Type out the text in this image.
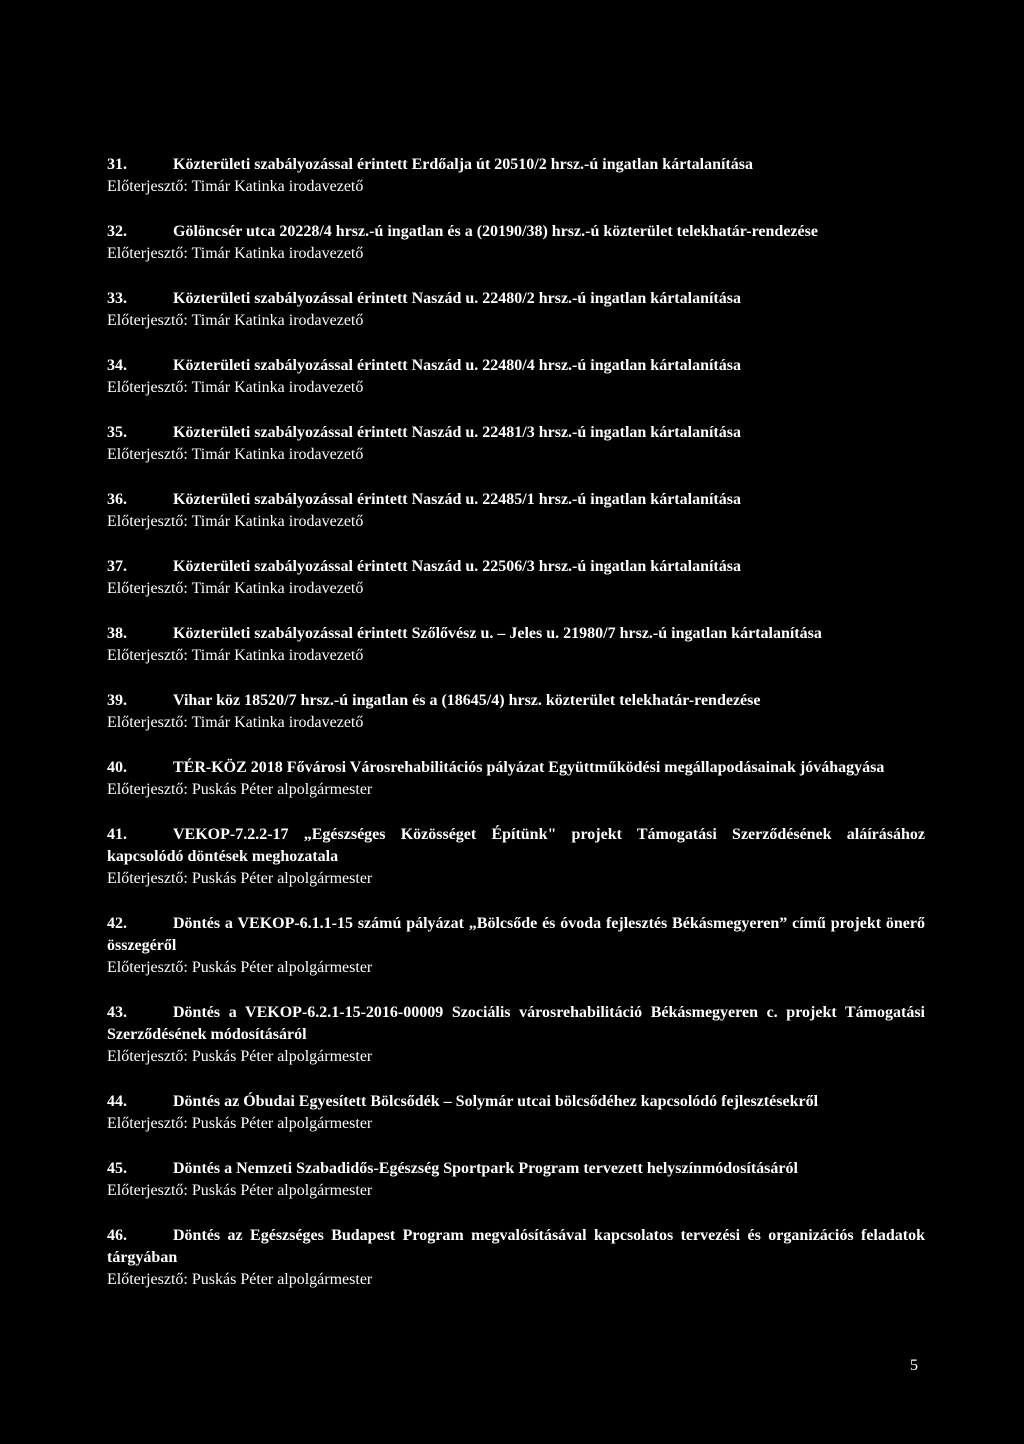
31.	Közterületi szabályozással érintett Erdőalja út 20510/2 hrsz.-ú ingatlan kártalanítása
Előterjesztő: Timár Katinka irodavezető
32.	Gölöncsér utca 20228/4 hrsz.-ú ingatlan és a (20190/38) hrsz.-ú közterület telekhatár-rendezése
Előterjesztő: Timár Katinka irodavezető
33.	Közterületi szabályozással érintett Naszád u. 22480/2 hrsz.-ú ingatlan kártalanítása
Előterjesztő: Timár Katinka irodavezető
34.	Közterületi szabályozással érintett Naszád u. 22480/4 hrsz.-ú ingatlan kártalanítása
Előterjesztő: Timár Katinka irodavezető
35.	Közterületi szabályozással érintett Naszád u. 22481/3 hrsz.-ú ingatlan kártalanítása
Előterjesztő: Timár Katinka irodavezető
36.	Közterületi szabályozással érintett Naszád u. 22485/1 hrsz.-ú ingatlan kártalanítása
Előterjesztő: Timár Katinka irodavezető
37.	Közterületi szabályozással érintett Naszád u. 22506/3 hrsz.-ú ingatlan kártalanítása
Előterjesztő: Timár Katinka irodavezető
38.	Közterületi szabályozással érintett Szőlővész u. – Jeles u. 21980/7 hrsz.-ú ingatlan kártalanítása
Előterjesztő: Timár Katinka irodavezető
39.	Vihar köz 18520/7 hrsz.-ú ingatlan és a (18645/4) hrsz. közterület telekhatár-rendezése
Előterjesztő: Timár Katinka irodavezető
40.	TÉR-KÖZ 2018 Fővárosi Városrehabilitációs pályázat Együttműködési megállapodásainak jóváhagyása
Előterjesztő: Puskás Péter alpolgármester
41.	VEKOP-7.2.2-17 „Egészséges Közösséget Építünk" projekt Támogatási Szerződésének aláírásához kapcsolódó döntések meghozatala
Előterjesztő: Puskás Péter alpolgármester
42.	Döntés a VEKOP-6.1.1-15 számú pályázat „Bölcsőde és óvoda fejlesztés Békásmegyeren” című projekt önerő összegéről
Előterjesztő: Puskás Péter alpolgármester
43.	Döntés a VEKOP-6.2.1-15-2016-00009 Szociális városrehabilitáció Békásmegyeren c. projekt Támogatási Szerződésének módosításáról
Előterjesztő: Puskás Péter alpolgármester
44.	Döntés az Óbudai Egyesített Bölcsődék – Solymár utcai bölcsődéhez kapcsolódó fejlesztésekről
Előterjesztő: Puskás Péter alpolgármester
45.	Döntés a Nemzeti Szabadidős-Egészség Sportpark Program tervezett helyszínmódosításáról
Előterjesztő: Puskás Péter alpolgármester
46.	Döntés az Egészséges Budapest Program megvalósításával kapcsolatos tervezési és organizációs feladatok tárgyában
Előterjesztő: Puskás Péter alpolgármester
5
